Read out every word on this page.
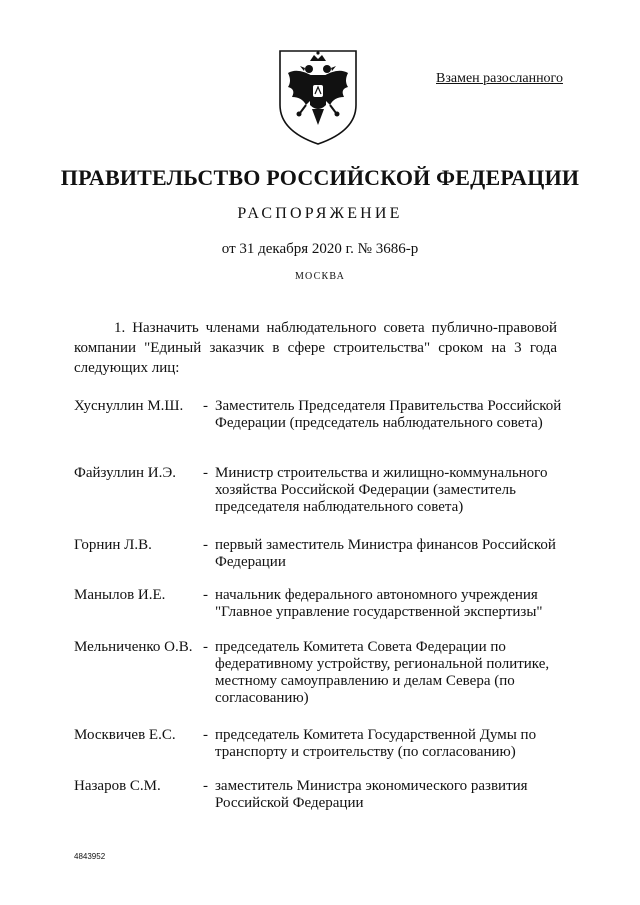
Взамен разосланного
ПРАВИТЕЛЬСТВО РОССИЙСКОЙ ФЕДЕРАЦИИ
РАСПОРЯЖЕНИЕ
от 31 декабря 2020 г. № 3686-р
МОСКВА
1. Назначить членами наблюдательного совета публично-правовой компании "Единый заказчик в сфере строительства" сроком на 3 года следующих лиц:
Хуснуллин М.Ш. - Заместитель Председателя Правительства Российской Федерации (председатель наблюдательного совета)
Файзуллин И.Э. - Министр строительства и жилищно-коммунального хозяйства Российской Федерации (заместитель председателя наблюдательного совета)
Горнин Л.В.	- первый заместитель Министра финансов Российской Федерации
Манылов И.Е.	- начальник федерального автономного учреждения "Главное управление государственной экспертизы"
Мельниченко О.В. - председатель Комитета Совета Федерации по федеративному устройству, региональной политике, местному самоуправлению и делам Севера (по согласованию)
Москвичев Е.С. - председатель Комитета Государственной Думы по транспорту и строительству (по согласованию)
Назаров С.М.	- заместитель Министра экономического развития Российской Федерации
4843952
